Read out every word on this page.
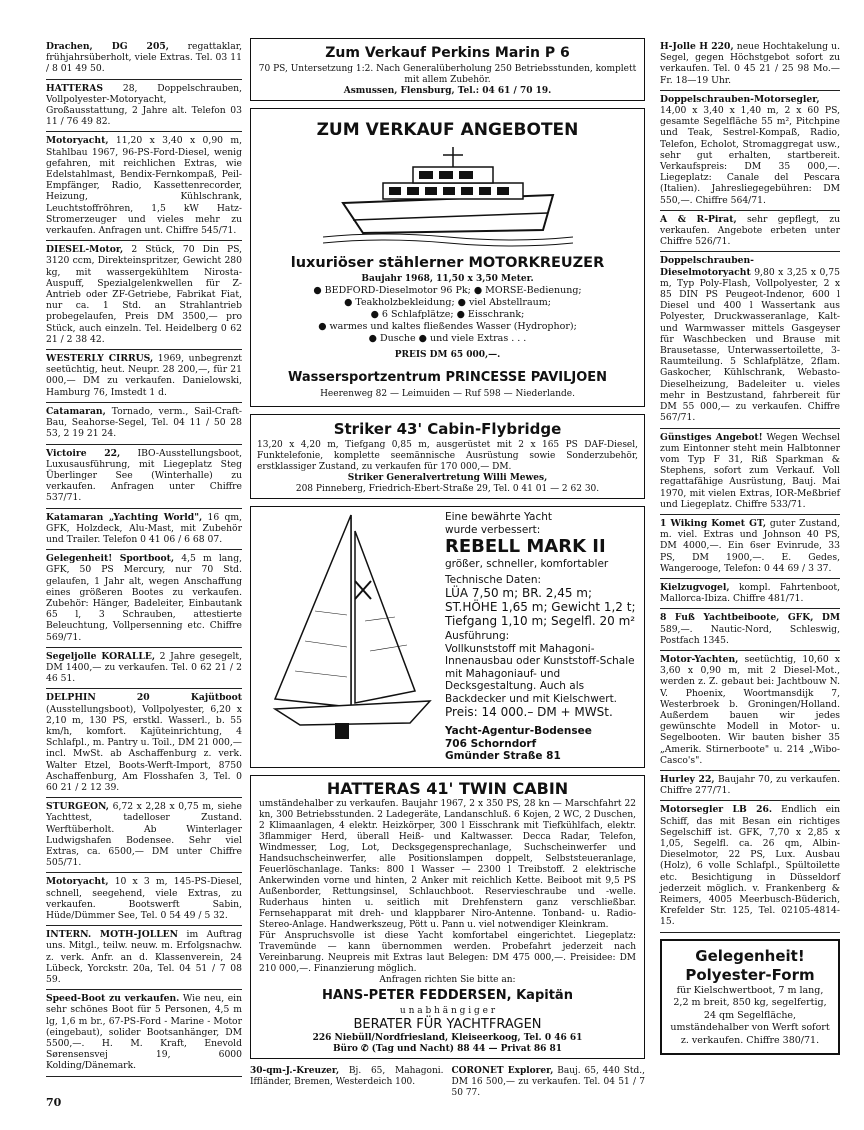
Drachen, DG 205, regattaklar, frühjahrsüberholt, viele Extras. Tel. 03 11 / 8 01 49 50.
HATTERAS 28, Doppelschrauben, Vollpolyester-Motoryacht, Großausstattung, 2 Jahre alt. Telefon 03 11 / 76 49 82.
Motoryacht, 11,20 x 3,40 x 0,90 m, Stahlbau 1967, 96-PS-Ford-Diesel, wenig gefahren, mit reichlichen Extras, wie Edelstahlmast, Bendix-Fernkompaß, Peil-Empfänger, Radio, Kassettenrecorder, Heizung, Kühlschrank, Leuchtstoffröhren, 1,5 kW Hatz-Stromerzeuger und vieles mehr zu verkaufen. Anfragen unt. Chiffre 545/71.
DIESEL-Motor, 2 Stück, 70 Din PS, 3120 ccm, Direkteinspritzer, Gewicht 280 kg, mit wassergekühltem Nirosta-Auspuff, Spezialgelenkwellen für Z-Antrieb oder ZF-Getriebe, Fabrikat Fiat, nur ca. 1 Std. an Strahlantrieb probegelaufen, Preis DM 3500,— pro Stück, auch einzeln. Tel. Heidelberg 0 62 21 / 2 38 42.
WESTERLY CIRRUS, 1969, unbegrenzt seetüchtig, heut. Neupr. 28 200,—, für 21 000,— DM zu verkaufen. Danielowski, Hamburg 76, Imstedt 1 d.
Catamaran, Tornado, verm., Sail-Craft-Bau, Seahorse-Segel, Tel. 04 11 / 50 28 53, 2 19 21 24.
Victoire 22, IBO-Ausstellungsboot, Luxusausführung, mit Liegeplatz Steg Überlinger See (Winterhalle) zu verkaufen. Anfragen unter Chiffre 537/71.
Katamaran „Yachting World", 16 qm, GFK, Holzdeck, Alu-Mast, mit Zubehör und Trailer. Telefon 0 41 06 / 6 68 07.
Gelegenheit! Sportboot, 4,5 m lang, GFK, 50 PS Mercury, nur 70 Std. gelaufen, 1 Jahr alt, wegen Anschaffung eines größeren Bootes zu verkaufen. Zubehör: Hänger, Badeleiter, Einbautank 65 l, 3 Schrauben, attestierte Beleuchtung, Vollpersenning etc. Chiffre 569/71.
Segeljolle KORALLE, 2 Jahre gesegelt, DM 1400,— zu verkaufen. Tel. 0 62 21 / 2 46 51.
DELPHIN 20 Kajütboot (Ausstellungsboot), Vollpolyester, 6,20 x 2,10 m, 130 PS, erstkl. Wasserl., b. 55 km/h, komfort. Kajüteinrichtung, 4 Schlafpl., m. Pantry u. Toil., DM 21 000,— incl. MwSt. ab Aschaffenburg z. verk. Walter Etzel, Boots-Werft-Import, 8750 Aschaffenburg, Am Flosshafen 3, Tel. 0 60 21 / 2 12 39.
STURGEON, 6,72 x 2,28 x 0,75 m, siehe Yachttest, tadelloser Zustand. Werftüberholt. Ab Winterlager Ludwigshafen Bodensee. Sehr viel Extras, ca. 6500,— DM unter Chiffre 505/71.
Motoryacht, 10 x 3 m, 145-PS-Diesel, schnell, seegehend, viele Extras, zu verkaufen. Bootswerft Sabin, Hüde/Dümmer See, Tel. 0 54 49 / 5 32.
INTERN. MOTH-JOLLEN im Auftrag uns. Mitgl., teilw. neuw. m. Erfolgsnachw. z. verk. Anfr. an d. Klassenverein, 24 Lübeck, Yorckstr. 20a, Tel. 04 51 / 7 08 59.
Speed-Boot zu verkaufen. Wie neu, ein sehr schönes Boot für 5 Personen, 4,5 m lg, 1,6 m br., 67-PS-Ford - Marine - Motor (eingebaut), solider Bootsanhänger, DM 5500,—. H. M. Kraft, Enevold Sørensensvej 19, 6000 Kolding/Dänemark.
Zum Verkauf Perkins Marin P 6
70 PS, Untersetzung 1:2. Nach Generalüberholung 250 Betriebsstunden, komplett mit allem Zubehör.
Asmussen, Flensburg, Tel.: 04 61 / 70 19.
ZUM VERKAUF ANGEBOTEN
luxuriöser stählerner MOTORKREUZER
Baujahr 1968, 11,50 x 3,50 Meter.
● BEDFORD-Dieselmotor 96 Pk; ● MORSE-Bedienung;
● Teakholzbekleidung; ● viel Abstellraum;
● 6 Schlafplätze; ● Eisschrank;
● warmes und kaltes fließendes Wasser (Hydrophor);
● Dusche ● und viele Extras . . .
PREIS DM 65 000,—.
Wassersportzentrum PRINCESSE PAVILJOEN
Heerenweg 82 — Leimuiden — Ruf 598 — Niederlande.
Striker 43' Cabin-Flybridge
13,20 x 4,20 m, Tiefgang 0,85 m, ausgerüstet mit 2 x 165 PS DAF-Diesel, Funktelefonie, komplette seemännische Ausrüstung sowie Sonderzubehör, erstklassiger Zustand, zu verkaufen für 170 000,— DM.
Striker Generalvertretung Willi Mewes,
208 Pinneberg, Friedrich-Ebert-Straße 29, Tel. 0 41 01 — 2 62 30.
Eine bewährte Yacht
wurde verbessert:
REBELL MARK II
größer, schneller, komfortabler
Technische Daten:
LÜA 7,50 m; BR. 2,45 m;
ST.HÖHE 1,65 m; Gewicht 1,2 t;
Tiefgang 1,10 m; Segelfl. 20 m²
Ausführung:
Vollkunststoff mit Mahagoni-Innenausbau oder Kunststoff-Schale mit Mahagoniauf- und Decksgestaltung. Auch als Backdecker und mit Kielschwert.
Preis: 14 000.– DM + MWSt.
Yacht-Agentur-Bodensee
706 Schorndorf
Gmünder Straße 81
HATTERAS 41' TWIN CABIN
umständehalber zu verkaufen. Baujahr 1967, 2 x 350 PS, 28 kn — Marschfahrt 22 kn, 300 Betriebsstunden. 2 Ladegeräte, Landanschluß. 6 Kojen, 2 WC, 2 Duschen, 2 Klimaanlagen, 4 elektr. Heizkörper, 300 l Eisschrank mit Tiefkühlfach, elektr. 3flammiger Herd, überall Heiß- und Kaltwasser. Decca Radar, Telefon, Windmesser, Log, Lot, Decksgegensprechanlage, Suchscheinwerfer und Handsuchscheinwerfer, alle Positionslampen doppelt, Selbststeueranlage, Feuerlöschanlage. Tanks: 800 l Wasser — 2300 l Treibstoff. 2 elektrische Ankerwinden vorne und hinten, 2 Anker mit reichlich Kette. Beiboot mit 9,5 PS Außenborder, Rettungsinsel, Schlauchboot. Reservieschraube und -welle. Ruderhaus hinten u. seitlich mit Drehfenstern ganz verschließbar. Fernsehapparat mit dreh- und klappbarer Niro-Antenne. Tonband- u. Radio-Stereo-Anlage. Handwerkszeug, Pött u. Pann u. viel notwendiger Kleinkram.
Für Anspruchsvolle ist diese Yacht komfortabel eingerichtet. Liegeplatz: Travemünde — kann übernommen werden. Probefahrt jederzeit nach Vereinbarung. Neupreis mit Extras laut Belegen: DM 475 000,—. Preisidee: DM 210 000,—. Finanzierung möglich.
Anfragen richten Sie bitte an:
HANS-PETER FEDDERSEN, Kapitän
u n a b h ä n g i g e r
BERATER FÜR YACHTFRAGEN
226 Niebüll/Nordfriesland, Kleiseerkoog, Tel. 0 46 61
Büro ✆ (Tag und Nacht) 88 44 — Privat 86 81
30-qm-J.-Kreuzer, Bj. 65, Mahagoni. Iffländer, Bremen, Westerdeich 100.
CORONET Explorer, Bauj. 65, 440 Std., DM 16 500,— zu verkaufen. Tel. 04 51 / 7 50 77.
H-Jolle H 220, neue Hochtakelung u. Segel, gegen Höchstgebot sofort zu verkaufen. Tel. 0 45 21 / 25 98 Mo.—Fr. 18—19 Uhr.
Doppelschrauben-Motorsegler, 14,00 x 3,40 x 1,40 m, 2 x 60 PS, gesamte Segelfläche 55 m², Pitchpine und Teak, Sestrel-Kompaß, Radio, Telefon, Echolot, Stromaggregat usw., sehr gut erhalten, startbereit. Verkaufspreis: DM 35 000,—. Liegeplatz: Canale del Pescara (Italien). Jahresliegegebühren: DM 550,—. Chiffre 564/71.
A & R-Pirat, sehr gepflegt, zu verkaufen. Angebote erbeten unter Chiffre 526/71.
Doppelschrauben-Dieselmotoryacht 9,80 x 3,25 x 0,75 m, Typ Poly-Flash, Vollpolyester, 2 x 85 DIN PS Peugeot-Indenor, 600 l Diesel und 400 l Wassertank aus Polyester, Druckwasseranlage, Kalt- und Warmwasser mittels Gasgeyser für Waschbecken und Brause mit Brausetasse, Unterwassertoilette, 3-Raumteilung. 5 Schlafplätze, 2flam. Gaskocher, Kühlschrank, Webasto-Dieselheizung, Badeleiter u. vieles mehr in Bestzustand, fahrbereit für DM 55 000,— zu verkaufen. Chiffre 567/71.
Günstiges Angebot! Wegen Wechsel zum Eintonner steht mein Halbtonner vom Typ F 31, Riß Sparkman & Stephens, sofort zum Verkauf. Voll regattafähige Ausrüstung, Bauj. Mai 1970, mit vielen Extras, IOR-Meßbrief und Liegeplatz. Chiffre 533/71.
1 Wiking Komet GT, guter Zustand, m. viel. Extras und Johnson 40 PS, DM 4000,—. Ein 6ser Evinrude, 33 PS, DM 1900,—. E. Gedes, Wangerooge, Telefon: 0 44 69 / 3 37.
Kielzugvogel, kompl. Fahrtenboot, Mallorca-Ibiza. Chiffre 481/71.
8 Fuß Yachtbeiboote, GFK, DM 589,—. Nautic-Nord, Schleswig, Postfach 1345.
Motor-Yachten, seetüchtig, 10,60 x 3,60 x 0,90 m, mit 2 Diesel-Mot., werden z. Z. gebaut bei: Jachtbouw N. V. Phoenix, Woortmansdijk 7, Westerbroek b. Groningen/Holland. Außerdem bauen wir jedes gewünschte Modell in Motor- u. Segelbooten. Wir bauten bisher 35 „Amerik. Stirnerboote" u. 214 „Wibo-Casco's".
Hurley 22, Baujahr 70, zu verkaufen. Chiffre 277/71.
Motorsegler LB 26. Endlich ein Schiff, das mit Besan ein richtiges Segelschiff ist. GFK, 7,70 x 2,85 x 1,05, Segelfl. ca. 26 qm, Albin-Dieselmotor, 22 PS, Lux. Ausbau (Holz), 6 volle Schlafpl., Spültoilette etc. Besichtigung in Düsseldorf jederzeit möglich. v. Frankenberg & Reimers, 4005 Meerbusch-Büderich, Krefelder Str. 125, Tel. 02105-4814-15.
Gelegenheit!
Polyester-Form
für Kielschwertboot, 7 m lang, 2,2 m breit, 850 kg, segelfertig, 24 qm Segelfläche, umständehalber von Werft sofort z. verkaufen. Chiffre 380/71.
70
